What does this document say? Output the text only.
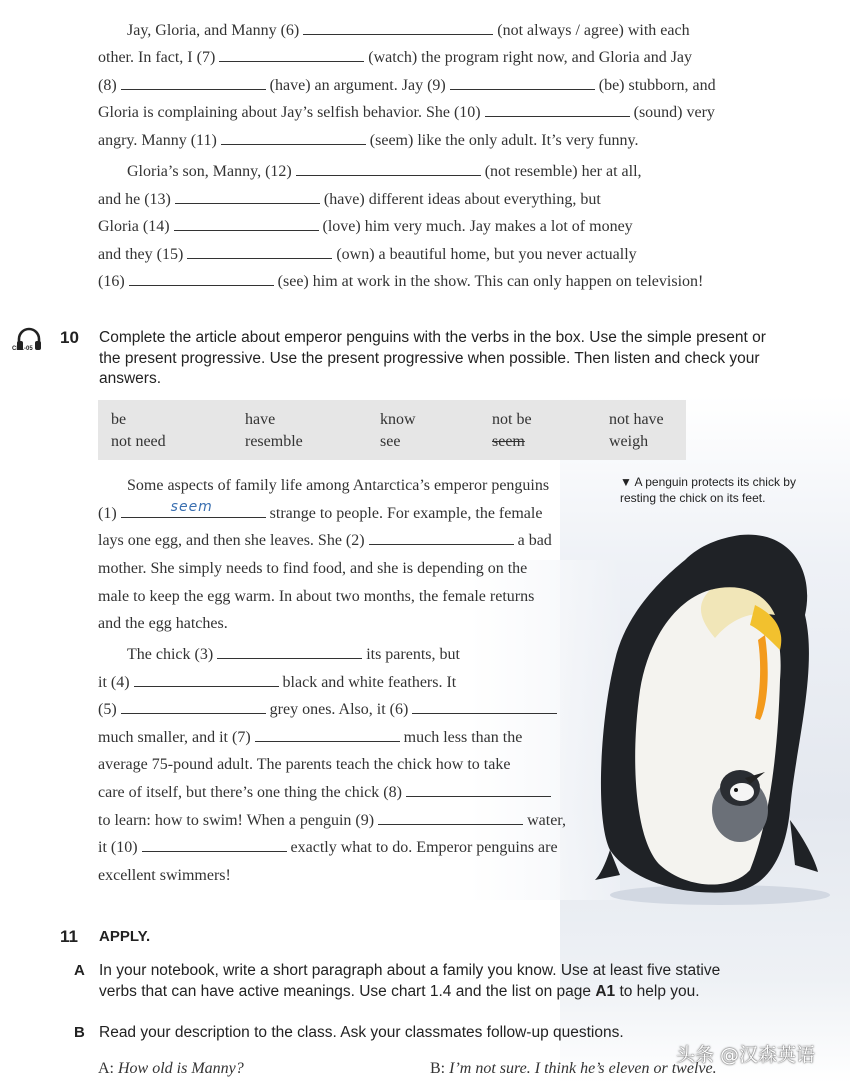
Jay, Gloria, and Manny (6)	(not always / agree) with each
other. In fact, I (7)	(watch) the program right now, and Gloria and Jay
(8)	(have) an argument. Jay (9)	(be) stubborn, and
Gloria is complaining about Jay’s selfish behavior. She (10)	(sound) very
angry. Manny (11)	(seem) like the only adult. It’s very funny.
Gloria’s son, Manny, (12)	(not resemble) her at all,
and he (13)	(have) different ideas about everything, but
Gloria (14)	(love) him very much. Jay makes a lot of money
and they (15)	(own) a beautiful home, but you never actually
(16)	(see) him at work in the show. This can only happen on television!
CD1-05
10 Complete the article about emperor penguins with the verbs in the box. Use the simple present or the present progressive. Use the present progressive when possible. Then listen and check your answers.
be	have	know	not be	not have
not need	resemble	see	seem	weigh
▼ A penguin protects its chick by resting the chick on its feet.
Some aspects of family life among Antarctica’s emperor penguins
(1)	seem	strange to people. For example, the female
lays one egg, and then she leaves. She (2)	a bad
mother. She simply needs to find food, and she is depending on the
male to keep the egg warm. In about two months, the female returns
and the egg hatches.
The chick (3)	its parents, but
it (4)	black and white feathers. It
(5)	grey ones. Also, it (6)
much smaller, and it (7)	much less than the
average 75-pound adult. The parents teach the chick how to take
care of itself, but there’s one thing the chick (8)
to learn: how to swim! When a penguin (9)	water,
it (10)	exactly what to do. Emperor penguins are
excellent swimmers!
11 APPLY.
A In your notebook, write a short paragraph about a family you know. Use at least five stative
verbs that can have active meanings. Use chart 1.4 and the list on page A1 to help you.
B Read your description to the class. Ask your classmates follow-up questions.
A: How old is Manny?	B: I’m not sure. I think he’s eleven or twelve.
头条 @汉森英语
